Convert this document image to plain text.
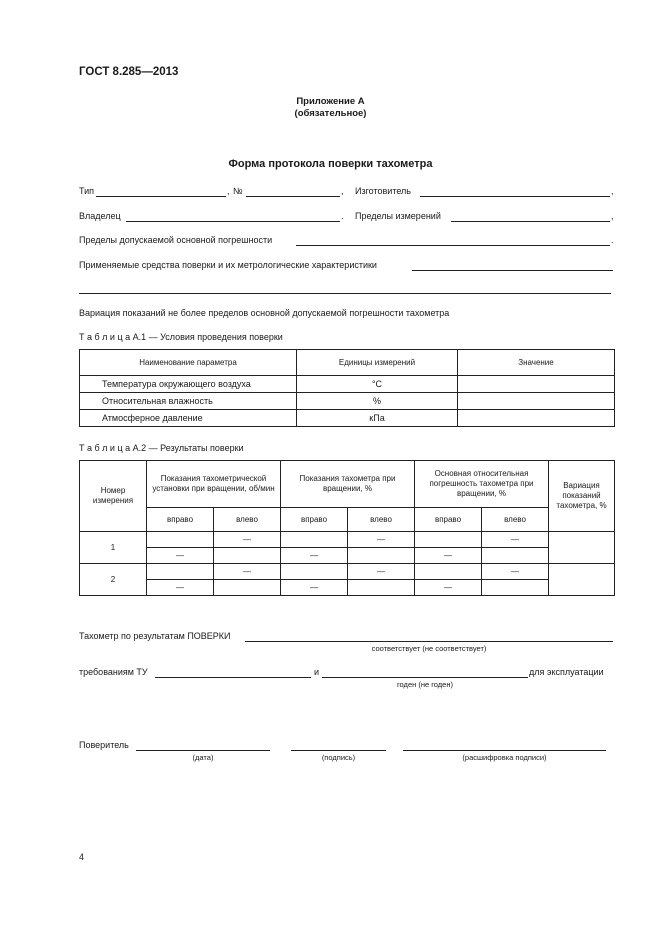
ГОСТ 8.285—2013
Приложение А
(обязательное)
Форма протокола поверки тахометра
Тип	, №	, Изготовитель	,
Владелец	. Пределы измерений	,
Пределы допускаемой основной погрешности	.
Применяемые средства поверки и их метрологические характеристики
Вариация показаний не более пределов основной допускаемой погрешности тахометра
Т а б л и ц а А.1 — Условия проведения поверки
Наименование параметра	Единицы измерений	Значение
Температура окружающего воздуха	°С	
Относительная влажность	%	
Атмосферное давление	кПа	
Т а б л и ц а А.2 — Результаты поверки
Номер измерения	Показания тахометрической установки при вращении, об/мин		Показания тахометра при вращении, %		Основная относительная погрешность тахометра при вращении, %		Вариация показаний тахометра, %
	вправо	влево	вправо	влево	вправо	влево	
1		—		—		—	
	—		—		—		
2		—		—		—	
	—		—		—		
Тахометр по результатам ПОВЕРКИ
соответствует (не соответствует)
требованиям ТУ	и	для эксплуатации
годен (не годен)
Поверитель
(дата)	(подпись)	(расшифровка подписи)
4
